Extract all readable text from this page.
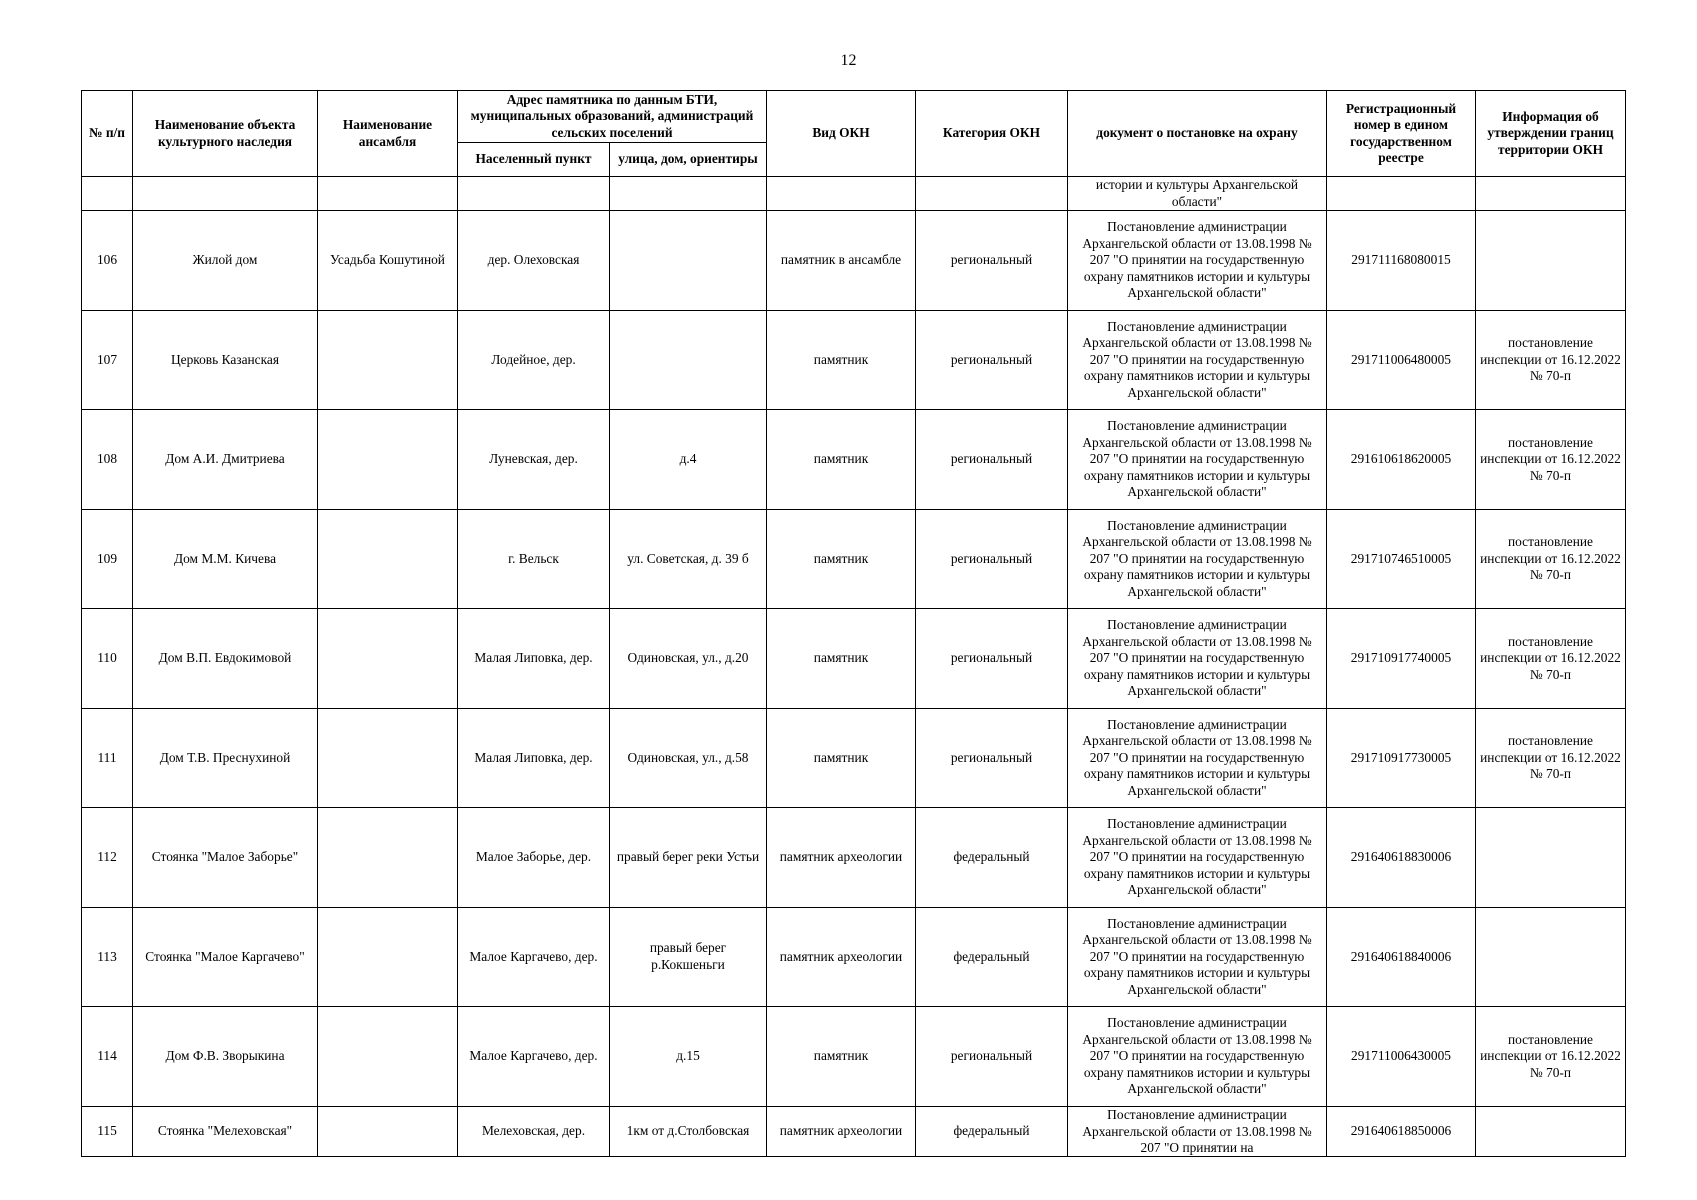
12
№ п/п	Наименование объекта культурного наследия	Наименование ансамбля	Адрес памятника по данным БТИ, муниципальных образований, администраций сельских поселений		Вид ОКН	Категория ОКН	документ о постановке на охрану	Регистрационный номер в едином государственном реестре	Информация об утверждении границ территории ОКН
			Населенный пункт	улица, дом, ориентиры					

							истории и культуры Архангельской области"		

106	Жилой дом	Усадьба Кошутиной	дер. Олеховская		памятник в ансамбле	региональный	Постановление администрации Архангельской области от 13.08.1998 № 207 "О принятии на государственную охрану памятников истории и культуры Архангельской области"	291711168080015	
107	Церковь Казанская		Лодейное, дер.		памятник	региональный	Постановление администрации Архангельской области от 13.08.1998 № 207 "О принятии на государственную охрану памятников истории и культуры Архангельской области"	291711006480005	постановление инспекции от 16.12.2022 № 70-п
108	Дом А.И. Дмитриева		Луневская, дер.	д.4	памятник	региональный	Постановление администрации Архангельской области от 13.08.1998 № 207 "О принятии на государственную охрану памятников истории и культуры Архангельской области"	291610618620005	постановление инспекции от 16.12.2022 № 70-п
109	Дом М.М. Кичева		г. Вельск	ул. Советская, д. 39 б	памятник	региональный	Постановление администрации Архангельской области от 13.08.1998 № 207 "О принятии на государственную охрану памятников истории и культуры Архангельской области"	291710746510005	постановление инспекции от 16.12.2022 № 70-п
110	Дом В.П. Евдокимовой		Малая Липовка, дер.	Одиновская, ул., д.20	памятник	региональный	Постановление администрации Архангельской области от 13.08.1998 № 207 "О принятии на государственную охрану памятников истории и культуры Архангельской области"	291710917740005	постановление инспекции от 16.12.2022 № 70-п
111	Дом Т.В. Преснухиной		Малая Липовка, дер.	Одиновская, ул., д.58	памятник	региональный	Постановление администрации Архангельской области от 13.08.1998 № 207 "О принятии на государственную охрану памятников истории и культуры Архангельской области"	291710917730005	постановление инспекции от 16.12.2022 № 70-п
112	Стоянка "Малое Заборье"		Малое Заборье, дер.	правый берег реки Устьи	памятник археологии	федеральный	Постановление администрации Архангельской области от 13.08.1998 № 207 "О принятии на государственную охрану памятников истории и культуры Архангельской области"	291640618830006	
113	Стоянка "Малое Каргачево"		Малое Каргачево, дер.	правый берег р.Кокшеньги	памятник археологии	федеральный	Постановление администрации Архангельской области от 13.08.1998 № 207 "О принятии на государственную охрану памятников истории и культуры Архангельской области"	291640618840006	
114	Дом Ф.В. Зворыкина		Малое Каргачево, дер.	д.15	памятник	региональный	Постановление администрации Архангельской области от 13.08.1998 № 207 "О принятии на государственную охрану памятников истории и культуры Архангельской области"	291711006430005	постановление инспекции от 16.12.2022 № 70-п
115	Стоянка "Мелеховская"		Мелеховская, дер.	1км от д.Столбовская	памятник археологии	федеральный	Постановление администрации Архангельской области от 13.08.1998 № 207 "О принятии на	291640618850006	
